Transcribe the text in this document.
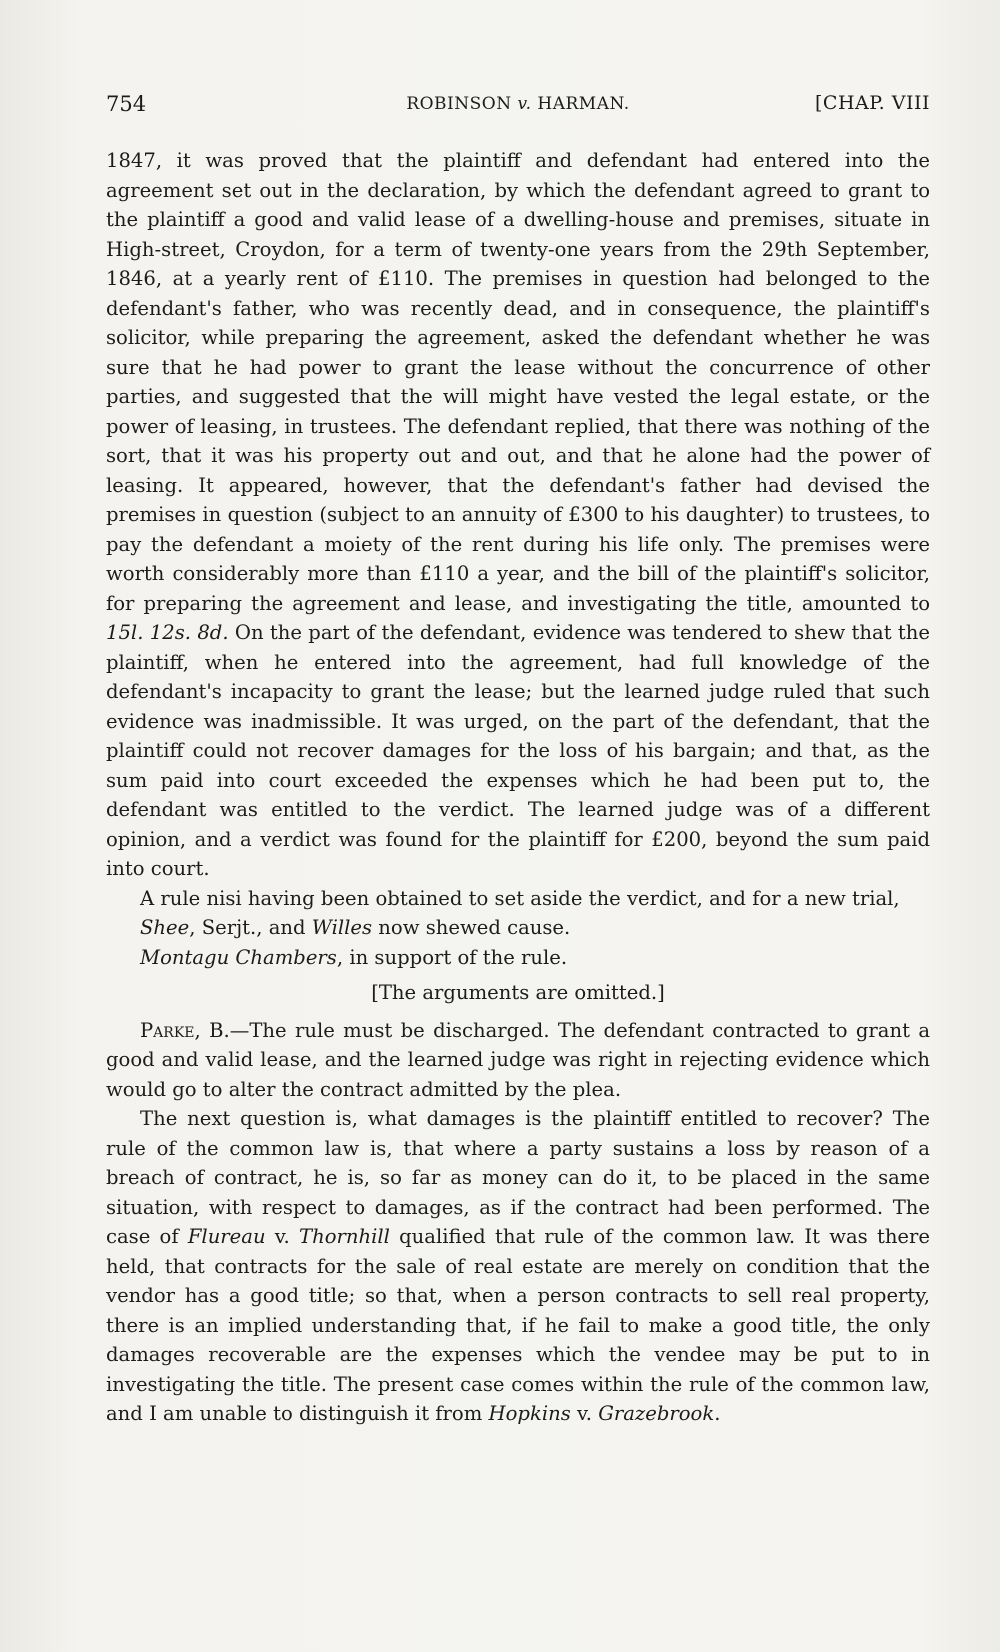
754	ROBINSON v. HARMAN.	[CHAP. VIII

1847, it was proved that the plaintiff and defendant had entered into the agreement set out in the declaration, by which the defendant agreed to grant to the plaintiff a good and valid lease of a dwelling-house and premises, situate in High-street, Croydon, for a term of twenty-one years from the 29th September, 1846, at a yearly rent of £110. The premises in question had belonged to the defendant's father, who was recently dead, and in consequence, the plaintiff's solicitor, while preparing the agreement, asked the defendant whether he was sure that he had power to grant the lease without the concurrence of other parties, and suggested that the will might have vested the legal estate, or the power of leasing, in trustees. The defendant replied, that there was nothing of the sort, that it was his property out and out, and that he alone had the power of leasing. It appeared, however, that the defendant's father had devised the premises in question (subject to an annuity of £300 to his daughter) to trustees, to pay the defendant a moiety of the rent during his life only. The premises were worth considerably more than £110 a year, and the bill of the plaintiff's solicitor, for preparing the agreement and lease, and investigating the title, amounted to 15l. 12s. 8d. On the part of the defendant, evidence was tendered to shew that the plaintiff, when he entered into the agreement, had full knowledge of the defendant's incapacity to grant the lease; but the learned judge ruled that such evidence was inadmissible. It was urged, on the part of the defendant, that the plaintiff could not recover damages for the loss of his bargain; and that, as the sum paid into court exceeded the expenses which he had been put to, the defendant was entitled to the verdict. The learned judge was of a different opinion, and a verdict was found for the plaintiff for £200, beyond the sum paid into court.

A rule nisi having been obtained to set aside the verdict, and for a new trial,

Shee, Serjt., and Willes now shewed cause.

Montagu Chambers, in support of the rule.

[The arguments are omitted.]

Parke, B.—The rule must be discharged. The defendant contracted to grant a good and valid lease, and the learned judge was right in rejecting evidence which would go to alter the contract admitted by the plea.

The next question is, what damages is the plaintiff entitled to recover? The rule of the common law is, that where a party sustains a loss by reason of a breach of contract, he is, so far as money can do it, to be placed in the same situation, with respect to damages, as if the contract had been performed. The case of Flureau v. Thornhill qualified that rule of the common law. It was there held, that contracts for the sale of real estate are merely on condition that the vendor has a good title; so that, when a person contracts to sell real property, there is an implied understanding that, if he fail to make a good title, the only damages recoverable are the expenses which the vendee may be put to in investigating the title. The present case comes within the rule of the common law, and I am unable to distinguish it from Hopkins v. Grazebrook.
